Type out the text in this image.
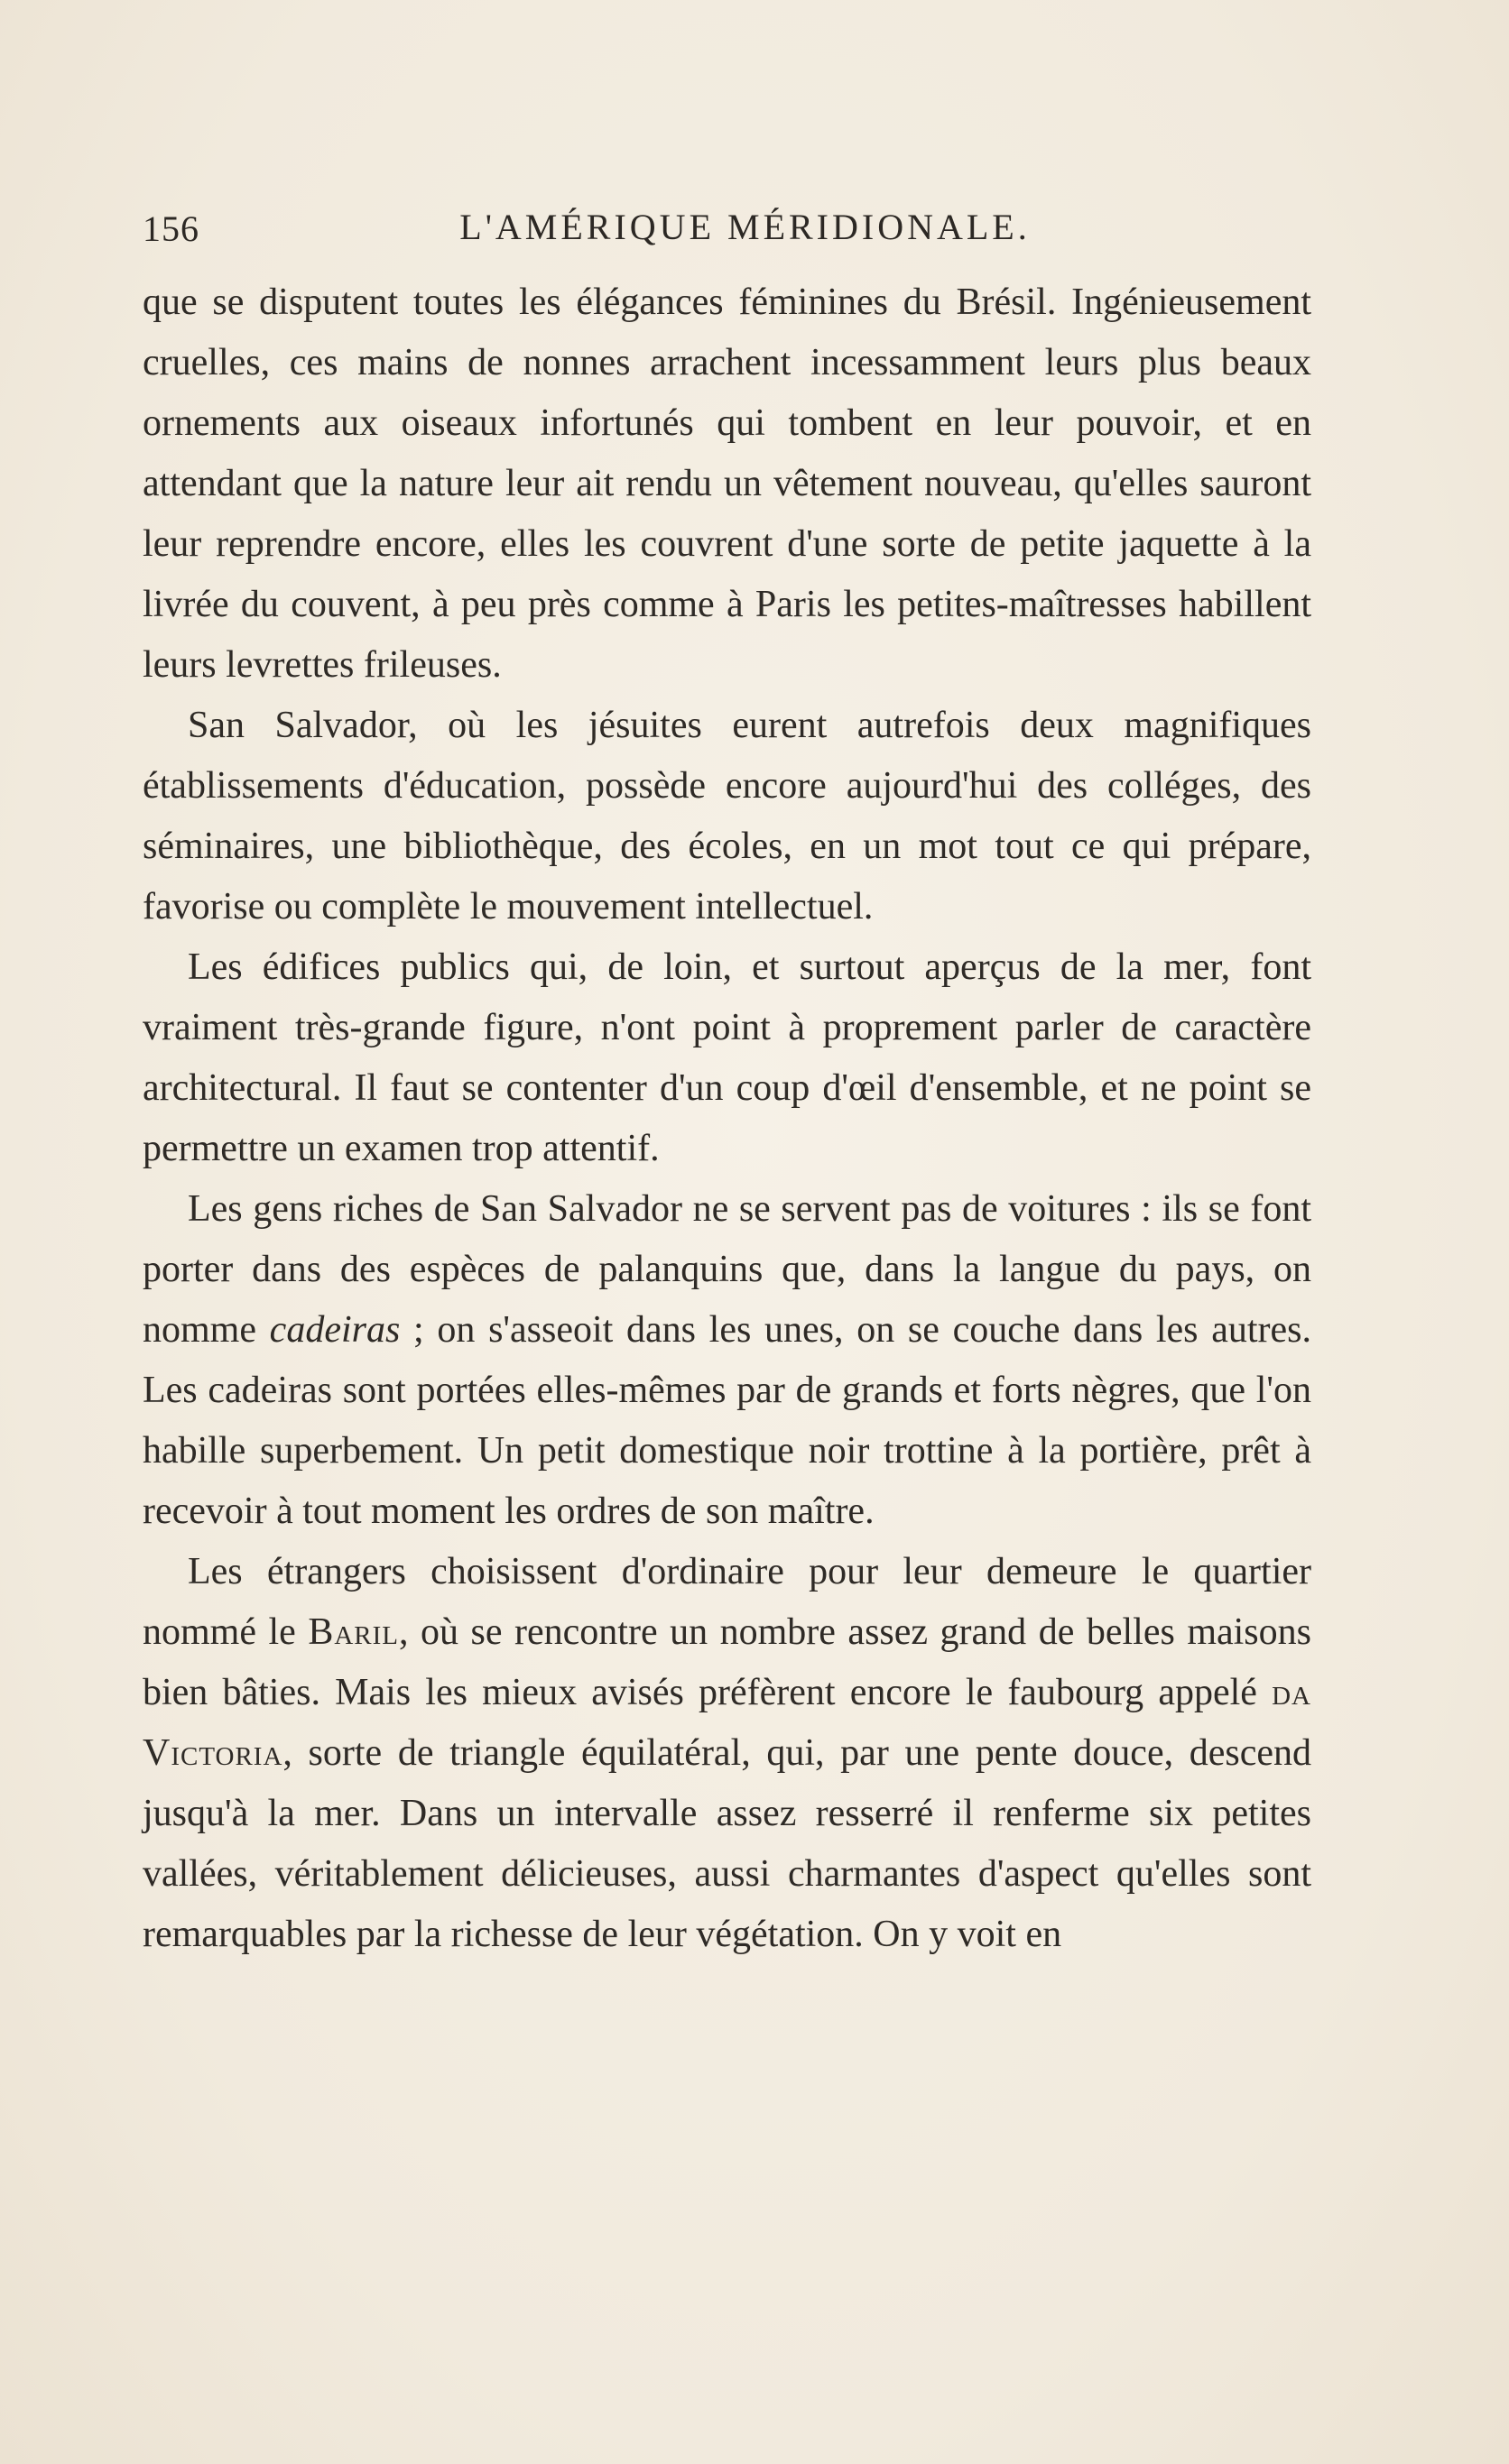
156	L'AMÉRIQUE MÉRIDIONALE.

que se disputent toutes les élégances féminines du Brésil. Ingénieusement cruelles, ces mains de nonnes arrachent incessamment leurs plus beaux ornements aux oiseaux infortunés qui tombent en leur pouvoir, et en attendant que la nature leur ait rendu un vêtement nouveau, qu'elles sauront leur reprendre encore, elles les couvrent d'une sorte de petite jaquette à la livrée du couvent, à peu près comme à Paris les petites-maîtresses habillent leurs levrettes frileuses.

San Salvador, où les jésuites eurent autrefois deux magnifiques établissements d'éducation, possède encore aujourd'hui des colléges, des séminaires, une bibliothèque, des écoles, en un mot tout ce qui prépare, favorise ou complète le mouvement intellectuel.

Les édifices publics qui, de loin, et surtout aperçus de la mer, font vraiment très-grande figure, n'ont point à proprement parler de caractère architectural. Il faut se contenter d'un coup d'œil d'ensemble, et ne point se permettre un examen trop attentif.

Les gens riches de San Salvador ne se servent pas de voitures : ils se font porter dans des espèces de palanquins que, dans la langue du pays, on nomme cadeiras ; on s'asseoit dans les unes, on se couche dans les autres. Les cadeiras sont portées elles-mêmes par de grands et forts nègres, que l'on habille superbement. Un petit domestique noir trottine à la portière, prêt à recevoir à tout moment les ordres de son maître.

Les étrangers choisissent d'ordinaire pour leur demeure le quartier nommé le Baril, où se rencontre un nombre assez grand de belles maisons bien bâties. Mais les mieux avisés préfèrent encore le faubourg appelé da Victoria, sorte de triangle équilatéral, qui, par une pente douce, descend jusqu'à la mer. Dans un intervalle assez resserré il renferme six petites vallées, véritablement délicieuses, aussi charmantes d'aspect qu'elles sont remarquables par la richesse de leur végétation. On y voit en
